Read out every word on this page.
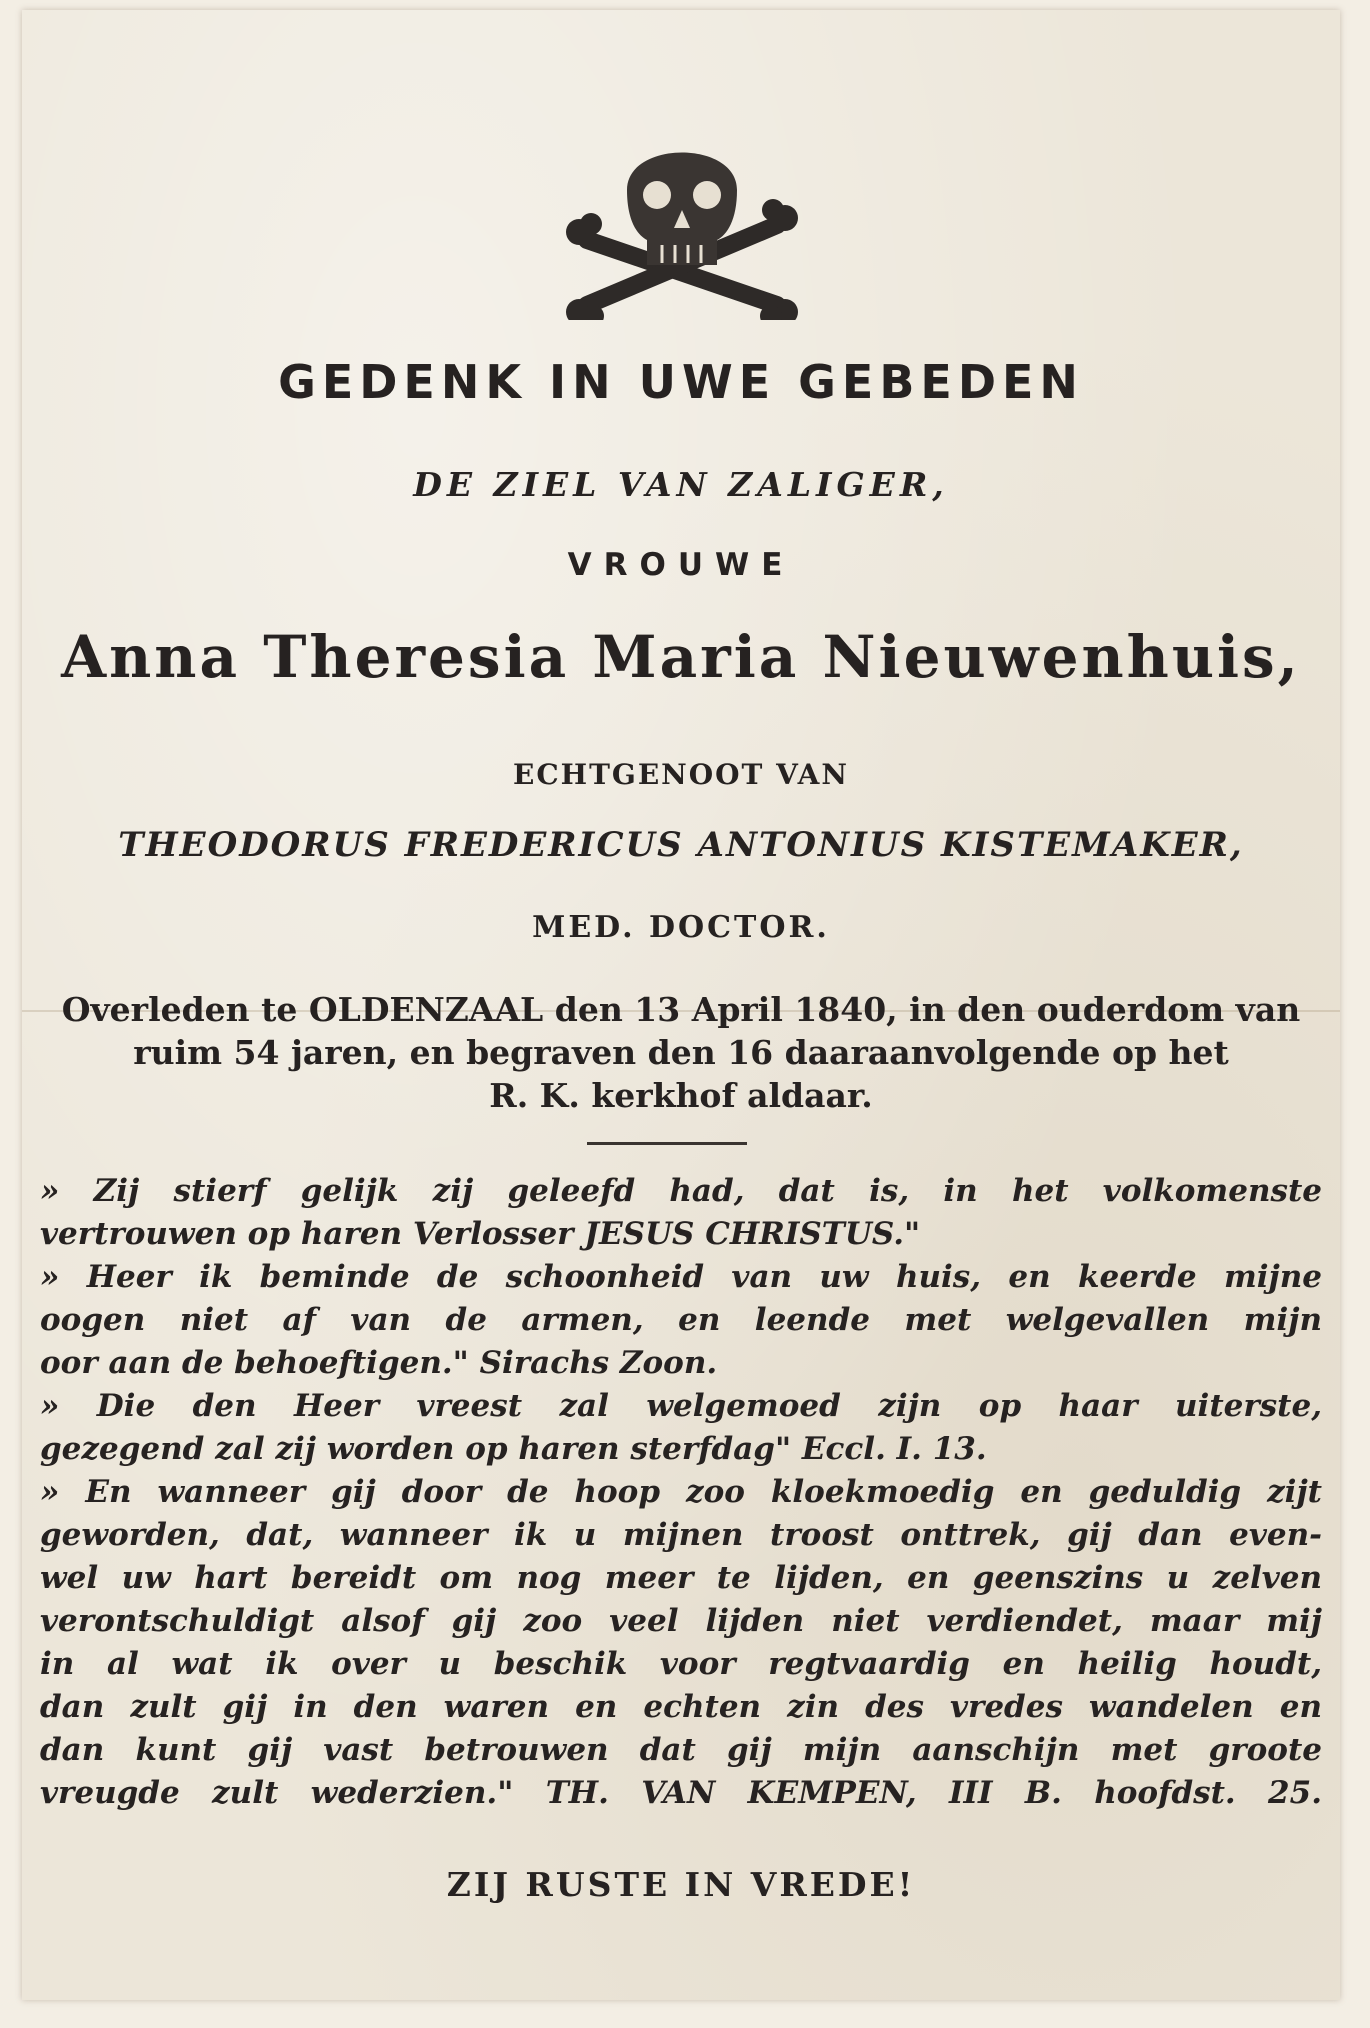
GEDENK IN UWE GEBEDEN
DE ZIEL VAN ZALIGER,
VROUWE
Anna Theresia Maria Nieuwenhuis,
ECHTGENOOT VAN
THEODORUS FREDERICUS ANTONIUS KISTEMAKER,
MED. DOCTOR.
Overleden te OLDENZAAL den 13 April 1840, in den ouderdom van
ruim 54 jaren, en begraven den 16 daaraanvolgende op het
R. K. kerkhof aldaar.
» Zij stierf gelijk zij geleefd had, dat is, in het volkomenste
vertrouwen op haren Verlosser JESUS CHRISTUS."
» Heer ik beminde de schoonheid van uw huis, en keerde mijne
oogen niet af van de armen, en leende met welgevallen mijn
oor aan de behoeftigen." Sirachs Zoon.
» Die den Heer vreest zal welgemoed zijn op haar uiterste,
gezegend zal zij worden op haren sterfdag" Eccl. I. 13.
» En wanneer gij door de hoop zoo kloekmoedig en geduldig zijt
geworden, dat, wanneer ik u mijnen troost onttrek, gij dan even-
wel uw hart bereidt om nog meer te lijden, en geenszins u zelven
verontschuldigt alsof gij zoo veel lijden niet verdiendet, maar mij
in al wat ik over u beschik voor regtvaardig en heilig houdt,
dan zult gij in den waren en echten zin des vredes wandelen en
dan kunt gij vast betrouwen dat gij mijn aanschijn met groote
vreugde zult wederzien." TH. VAN KEMPEN, III B. hoofdst. 25.
ZIJ RUSTE IN VREDE!
